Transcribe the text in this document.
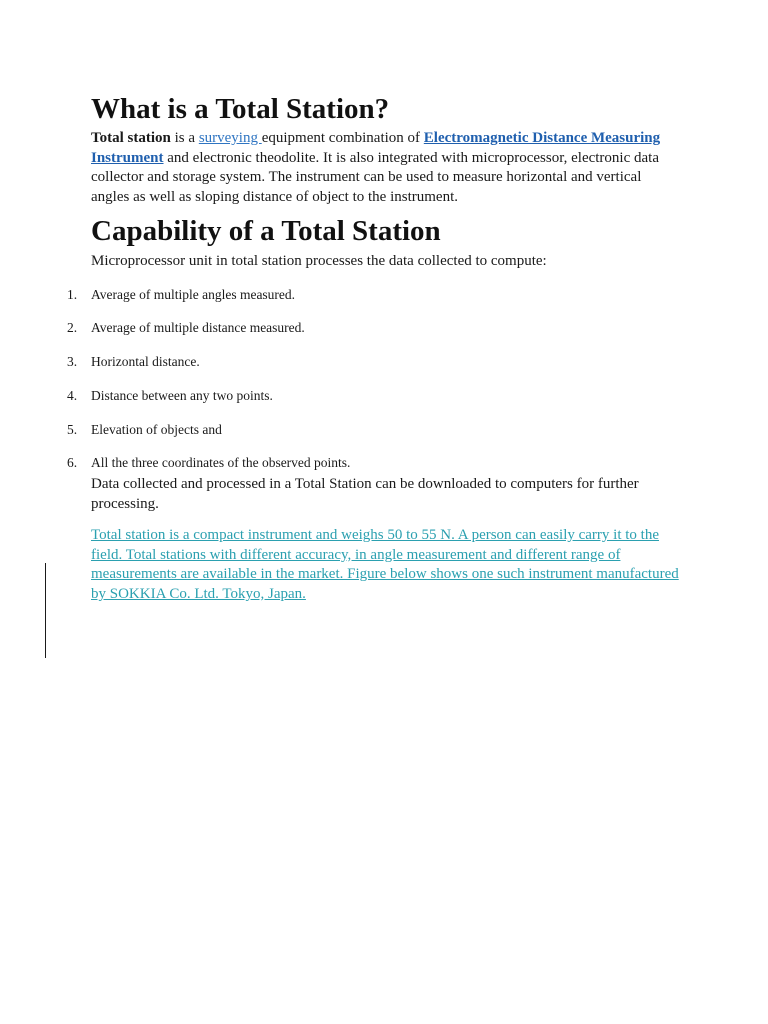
What is a Total Station?

Total station is a surveying equipment combination of Electromagnetic Distance Measuring Instrument and electronic theodolite. It is also integrated with microprocessor, electronic data collector and storage system. The instrument can be used to measure horizontal and vertical angles as well as sloping distance of object to the instrument.

Capability of a Total Station

Microprocessor unit in total station processes the data collected to compute:

1.	Average of multiple angles measured.
2.	Average of multiple distance measured.
3.	Horizontal distance.
4.	Distance between any two points.
5.	Elevation of objects and
6.	All the three coordinates of the observed points.

Data collected and processed in a Total Station can be downloaded to computers for further processing.

Total station is a compact instrument and weighs 50 to 55 N. A person can easily carry it to the field. Total stations with different accuracy, in angle measurement and different range of measurements are available in the market. Figure below shows one such instrument manufactured by SOKKIA Co. Ltd. Tokyo, Japan.
